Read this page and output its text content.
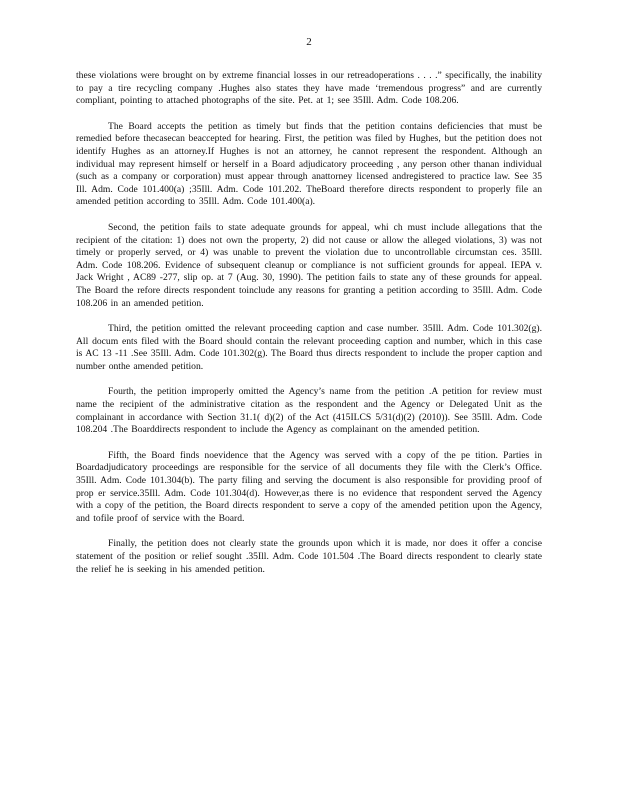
2

these violations were brought on by extreme financial losses in our retreadoperations . . . .” specifically, the inability to pay a tire recycling company .Hughes also states they have made ‘tremendous progress” and are currently compliant, pointing to attached photographs of the site. Pet. at 1; see 35Ill. Adm. Code 108.206.

The Board accepts the petition as timely but finds that the petition contains deficiencies that must be remedied before thecasecan beaccepted for hearing. First, the petition was filed by Hughes, but the petition does not identify Hughes as an attorney.If Hughes is not an attorney, he cannot represent the respondent. Although an individual may represent himself or herself in a Board adjudicatory proceeding , any person other thanan individual (such as a company or corporation) must appear through anattorney licensed andregistered to practice law. See 35 Ill. Adm. Code 101.400(a) ;35Ill. Adm. Code 101.202. TheBoard therefore directs respondent to properly file an amended petition according to 35Ill. Adm. Code 101.400(a).

Second, the petition fails to state adequate grounds for appeal, whi ch must include allegations that the recipient of the citation: 1) does not own the property, 2) did not cause or allow the alleged violations, 3) was not timely or properly served, or 4) was unable to prevent the violation due to uncontrollable circumstan ces. 35Ill. Adm. Code 108.206. Evidence of subsequent cleanup or compliance is not sufficient grounds for appeal. IEPA v. Jack Wright , AC89 -277, slip op. at 7 (Aug. 30, 1990). The petition fails to state any of these grounds for appeal. The Board the refore directs respondent toinclude any reasons for granting a petition according to 35Ill. Adm. Code 108.206 in an amended petition.

Third, the petition omitted the relevant proceeding caption and case number. 35Ill. Adm. Code 101.302(g). All docum ents filed with the Board should contain the relevant proceeding caption and number, which in this case is AC 13 -11 .See 35Ill. Adm. Code 101.302(g). The Board thus directs respondent to include the proper caption and number onthe amended petition.

Fourth, the petition improperly omitted the Agency’s name from the petition .A petition for review must name the recipient of the administrative citation as the respondent and the Agency or Delegated Unit as the complainant in accordance with Section 31.1( d)(2) of the Act (415ILCS 5/31(d)(2) (2010)). See 35Ill. Adm. Code 108.204 .The Boarddirects respondent to include the Agency as complainant on the amended petition.

Fifth, the Board finds noevidence that the Agency was served with a copy of the pe tition. Parties in Boardadjudicatory proceedings are responsible for the service of all documents they file with the Clerk’s Office. 35Ill. Adm. Code 101.304(b). The party filing and serving the document is also responsible for providing proof of prop er service.35Ill. Adm. Code 101.304(d). However,as there is no evidence that respondent served the Agency with a copy of the petition, the Board directs respondent to serve a copy of the amended petition upon the Agency, and tofile proof of service with the Board.

Finally, the petition does not clearly state the grounds upon which it is made, nor does it offer a concise statement of the position or relief sought .35Ill. Adm. Code 101.504 .The Board directs respondent to clearly state the relief he is seeking in his amended petition.
